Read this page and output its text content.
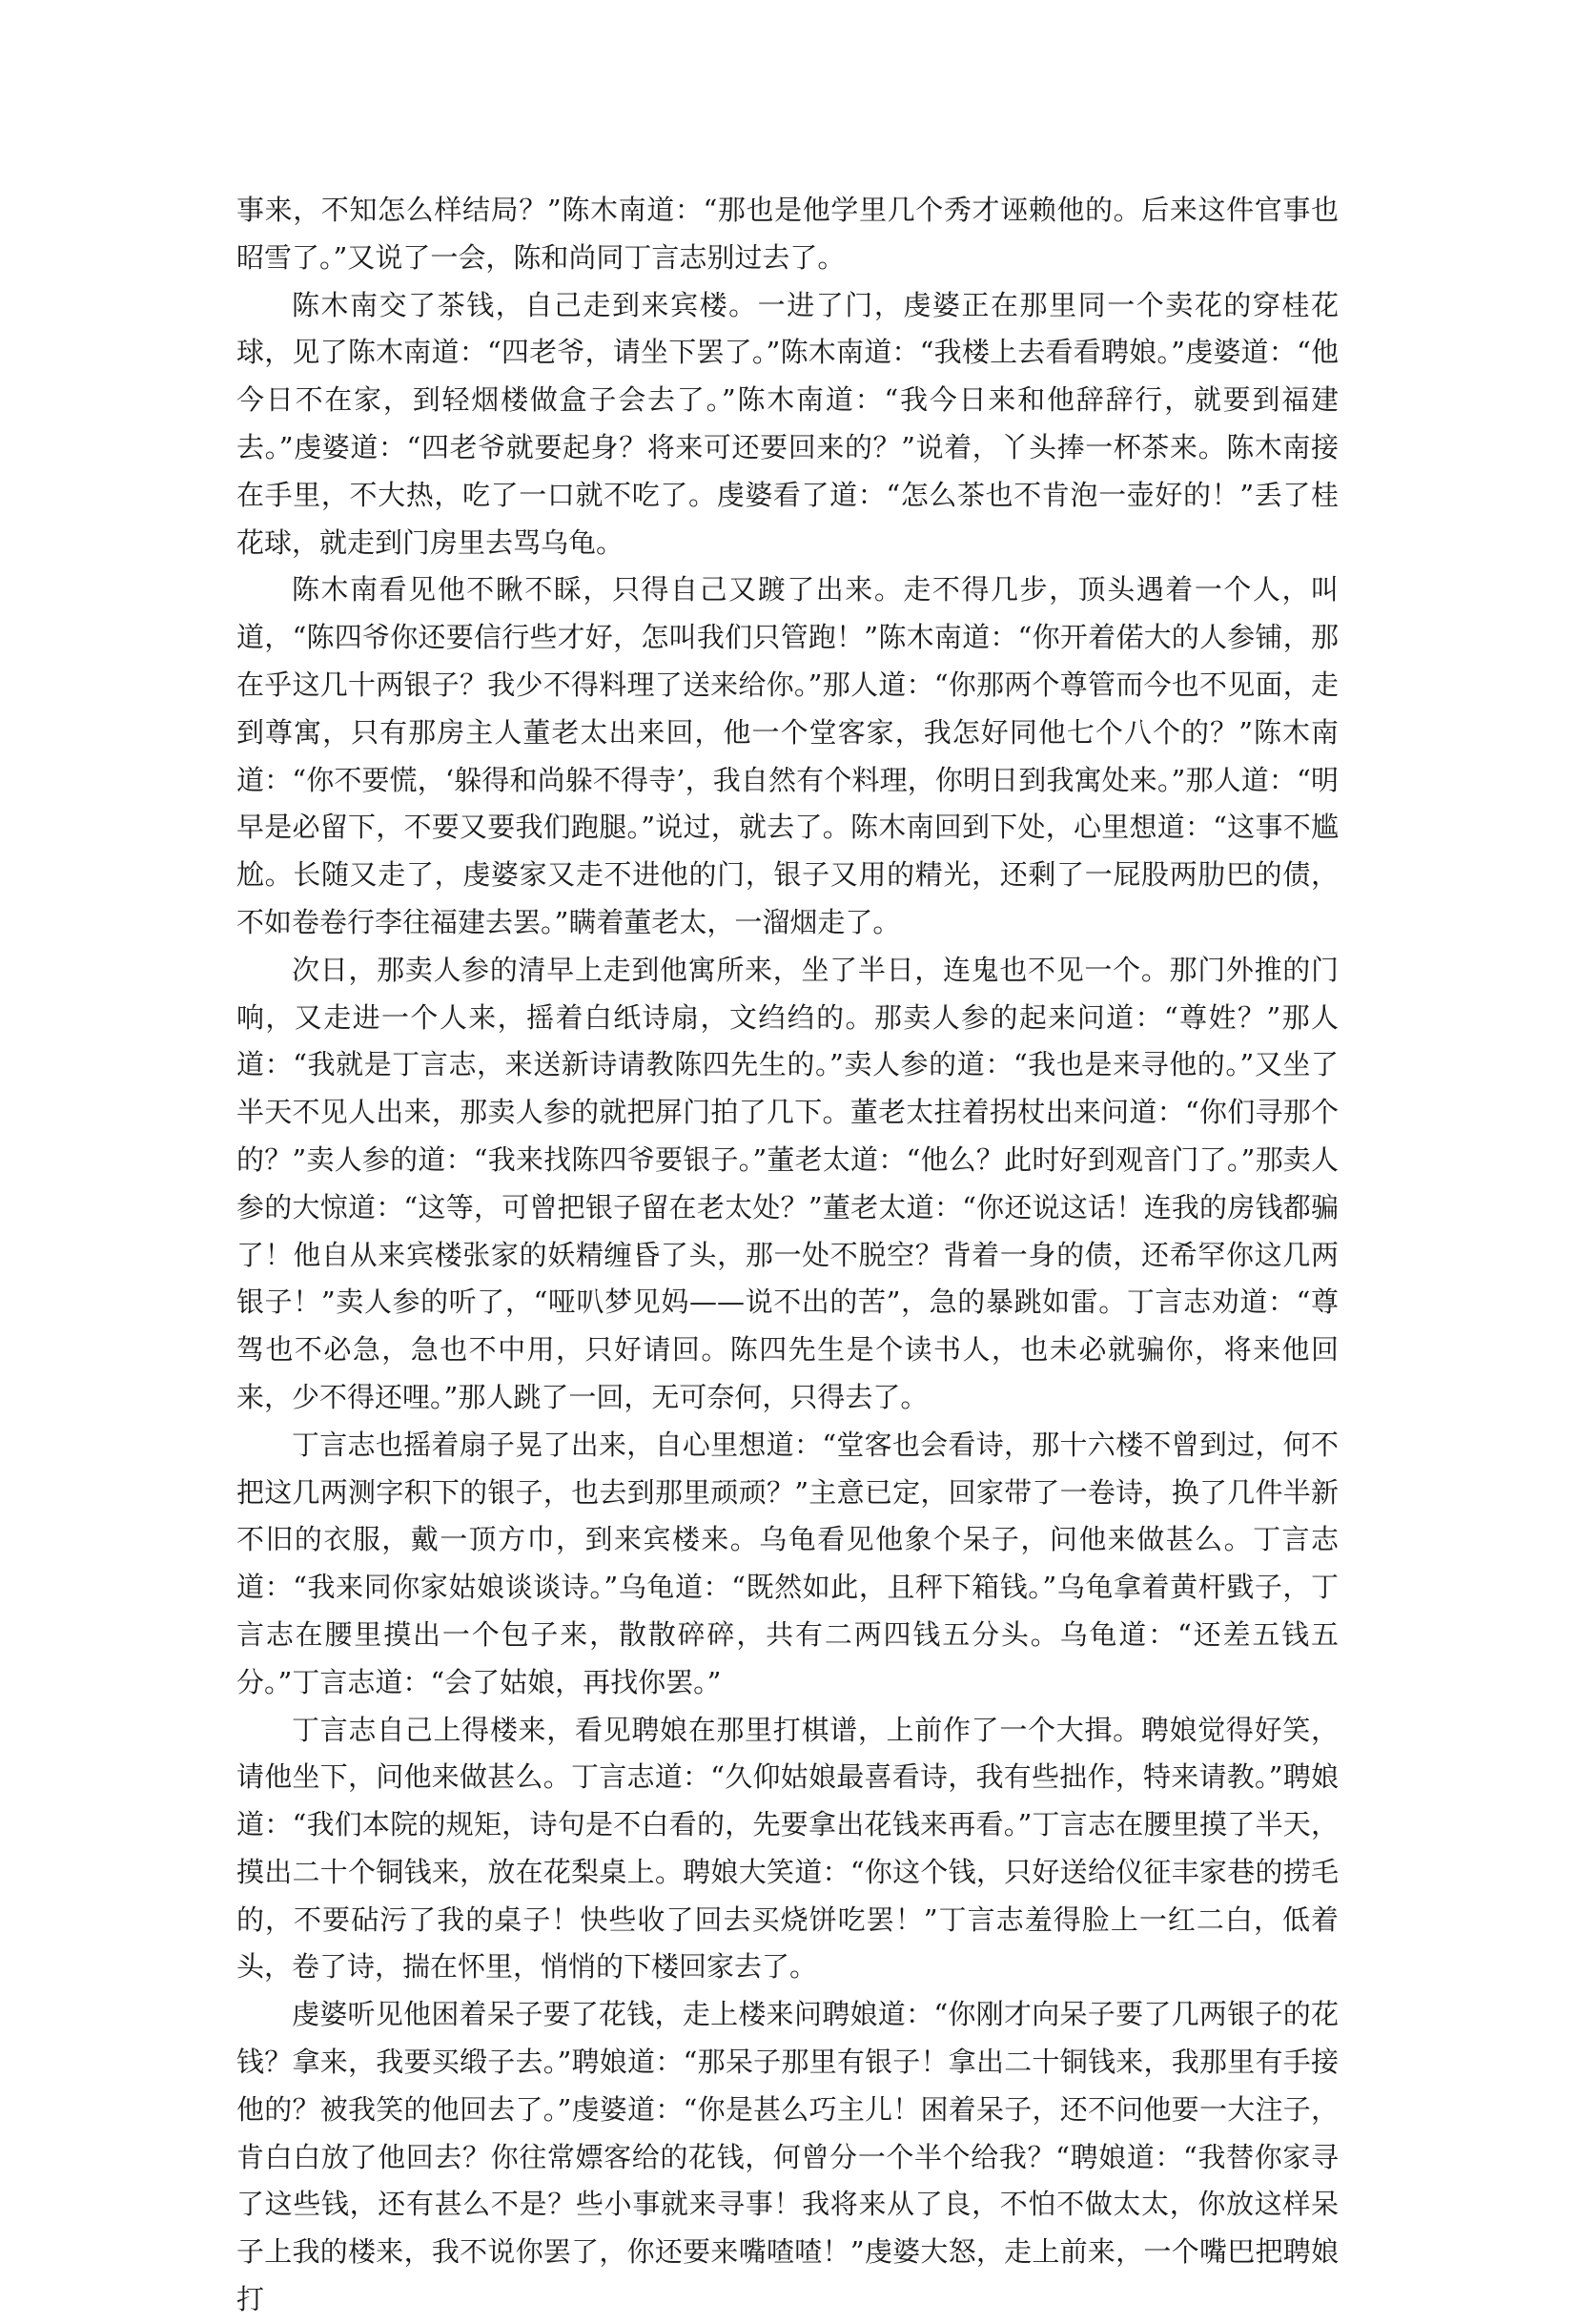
事来，不知怎么样结局？”陈木南道：“那也是他学里几个秀才诬赖他的。后来这件官事也昭雪了。”又说了一会，陈和尚同丁言志别过去了。

陈木南交了茶钱，自己走到来宾楼。一进了门，虔婆正在那里同一个卖花的穿桂花球，见了陈木南道：“四老爷，请坐下罢了。”陈木南道：“我楼上去看看聘娘。”虔婆道：“他今日不在家，到轻烟楼做盒子会去了。”陈木南道：“我今日来和他辞辞行，就要到福建去。”虔婆道：“四老爷就要起身？将来可还要回来的？”说着，丫头捧一杯茶来。陈木南接在手里，不大热，吃了一口就不吃了。虔婆看了道：“怎么茶也不肯泡一壶好的！”丢了桂花球，就走到门房里去骂乌龟。

陈木南看见他不瞅不睬，只得自己又踱了出来。走不得几步，顶头遇着一个人，叫道，“陈四爷你还要信行些才好，怎叫我们只管跑！”陈木南道：“你开着偌大的人参铺，那在乎这几十两银子？我少不得料理了送来给你。”那人道：“你那两个尊管而今也不见面，走到尊寓，只有那房主人董老太出来回，他一个堂客家，我怎好同他七个八个的？”陈木南道：“你不要慌，‘躲得和尚躲不得寺’，我自然有个料理，你明日到我寓处来。”那人道：“明早是必留下，不要又要我们跑腿。”说过，就去了。陈木南回到下处，心里想道：“这事不尴尬。长随又走了，虔婆家又走不进他的门，银子又用的精光，还剩了一屁股两肋巴的债，不如卷卷行李往福建去罢。”瞒着董老太，一溜烟走了。

次日，那卖人参的清早上走到他寓所来，坐了半日，连鬼也不见一个。那门外推的门响，又走进一个人来，摇着白纸诗扇，文绉绉的。那卖人参的起来问道：“尊姓？”那人道：“我就是丁言志，来送新诗请教陈四先生的。”卖人参的道：“我也是来寻他的。”又坐了半天不见人出来，那卖人参的就把屏门拍了几下。董老太拄着拐杖出来问道：“你们寻那个的？”卖人参的道：“我来找陈四爷要银子。”董老太道：“他么？此时好到观音门了。”那卖人参的大惊道：“这等，可曾把银子留在老太处？”董老太道：“你还说这话！连我的房钱都骗了！他自从来宾楼张家的妖精缠昏了头，那一处不脱空？背着一身的债，还希罕你这几两银子！”卖人参的听了，“哑叭梦见妈——说不出的苦”，急的暴跳如雷。丁言志劝道：“尊驾也不必急，急也不中用，只好请回。陈四先生是个读书人，也未必就骗你，将来他回来，少不得还哩。”那人跳了一回，无可奈何，只得去了。

丁言志也摇着扇子晃了出来，自心里想道：“堂客也会看诗，那十六楼不曾到过，何不把这几两测字积下的银子，也去到那里顽顽？”主意已定，回家带了一卷诗，换了几件半新不旧的衣服，戴一顶方巾，到来宾楼来。乌龟看见他象个呆子，问他来做甚么。丁言志道：“我来同你家姑娘谈谈诗。”乌龟道：“既然如此，且秤下箱钱。”乌龟拿着黄杆戥子，丁言志在腰里摸出一个包子来，散散碎碎，共有二两四钱五分头。乌龟道：“还差五钱五分。”丁言志道：“会了姑娘，再找你罢。”

丁言志自己上得楼来，看见聘娘在那里打棋谱，上前作了一个大揖。聘娘觉得好笑，请他坐下，问他来做甚么。丁言志道：“久仰姑娘最喜看诗，我有些拙作，特来请教。”聘娘道：“我们本院的规矩，诗句是不白看的，先要拿出花钱来再看。”丁言志在腰里摸了半天，摸出二十个铜钱来，放在花梨桌上。聘娘大笑道：“你这个钱，只好送给仪征丰家巷的捞毛的，不要砧污了我的桌子！快些收了回去买烧饼吃罢！”丁言志羞得脸上一红二白，低着头，卷了诗，揣在怀里，悄悄的下楼回家去了。

虔婆听见他困着呆子要了花钱，走上楼来问聘娘道：“你刚才向呆子要了几两银子的花钱？拿来，我要买缎子去。”聘娘道：“那呆子那里有银子！拿出二十铜钱来，我那里有手接他的？被我笑的他回去了。”虔婆道：“你是甚么巧主儿！困着呆子，还不问他要一大注子，肯白白放了他回去？你往常嫖客给的花钱，何曾分一个半个给我？“聘娘道：“我替你家寻了这些钱，还有甚么不是？些小事就来寻事！我将来从了良，不怕不做太太，你放这样呆子上我的楼来，我不说你罢了，你还要来嘴喳喳！”虔婆大怒，走上前来，一个嘴巴把聘娘打
